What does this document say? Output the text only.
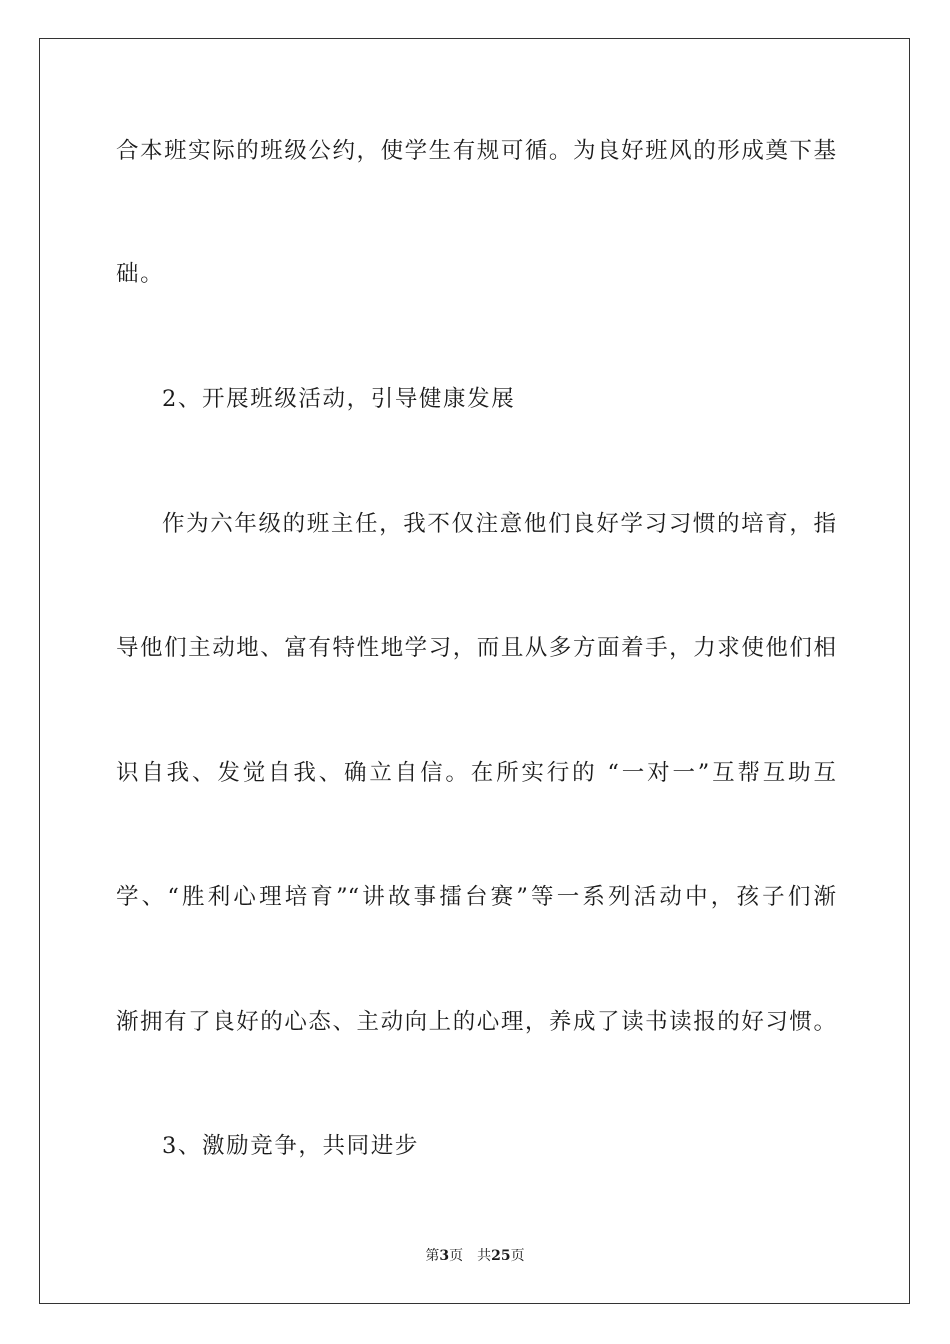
合本班实际的班级公约，使学生有规可循。为良好班风的形成奠下基
础。
2、开展班级活动，引导健康发展
作为六年级的班主任，我不仅注意他们良好学习习惯的培育，指
导他们主动地、富有特性地学习，而且从多方面着手，力求使他们相
识自我、发觉自我、确立自信。在所实行的 “一对一”互帮互助互
学、“胜利心理培育”“讲故事擂台赛”等一系列活动中，孩子们渐
渐拥有了良好的心态、主动向上的心理，养成了读书读报的好习惯。
3、激励竞争，共同进步
第3页 共25页
